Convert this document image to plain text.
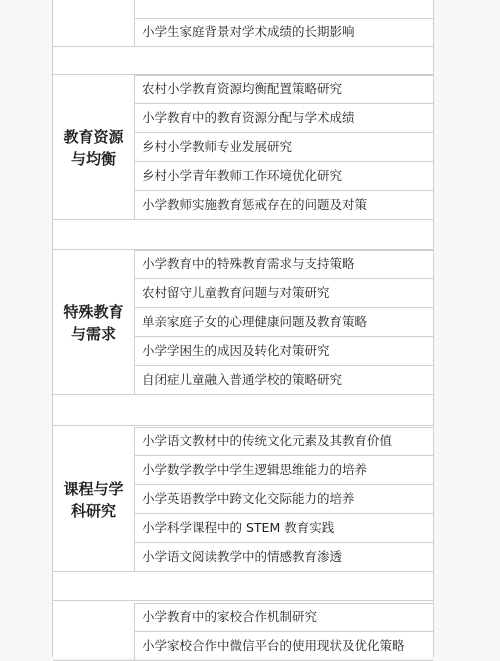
小学生家庭背景对学术成绩的长期影响
教育资源
与均衡
农村小学教育资源均衡配置策略研究
小学教育中的教育资源分配与学术成绩
乡村小学教师专业发展研究
乡村小学青年教师工作环境优化研究
小学教师实施教育惩戒存在的问题及对策
特殊教育
与需求
小学教育中的特殊教育需求与支持策略
农村留守儿童教育问题与对策研究
单亲家庭子女的心理健康问题及教育策略
小学学困生的成因及转化对策研究
自闭症儿童融入普通学校的策略研究
课程与学
科研究
小学语文教材中的传统文化元素及其教育价值
小学数学教学中学生逻辑思维能力的培养
小学英语教学中跨文化交际能力的培养
小学科学课程中的 STEM 教育实践
小学语文阅读教学中的情感教育渗透
小学教育中的家校合作机制研究
小学家校合作中微信平台的使用现状及优化策略
